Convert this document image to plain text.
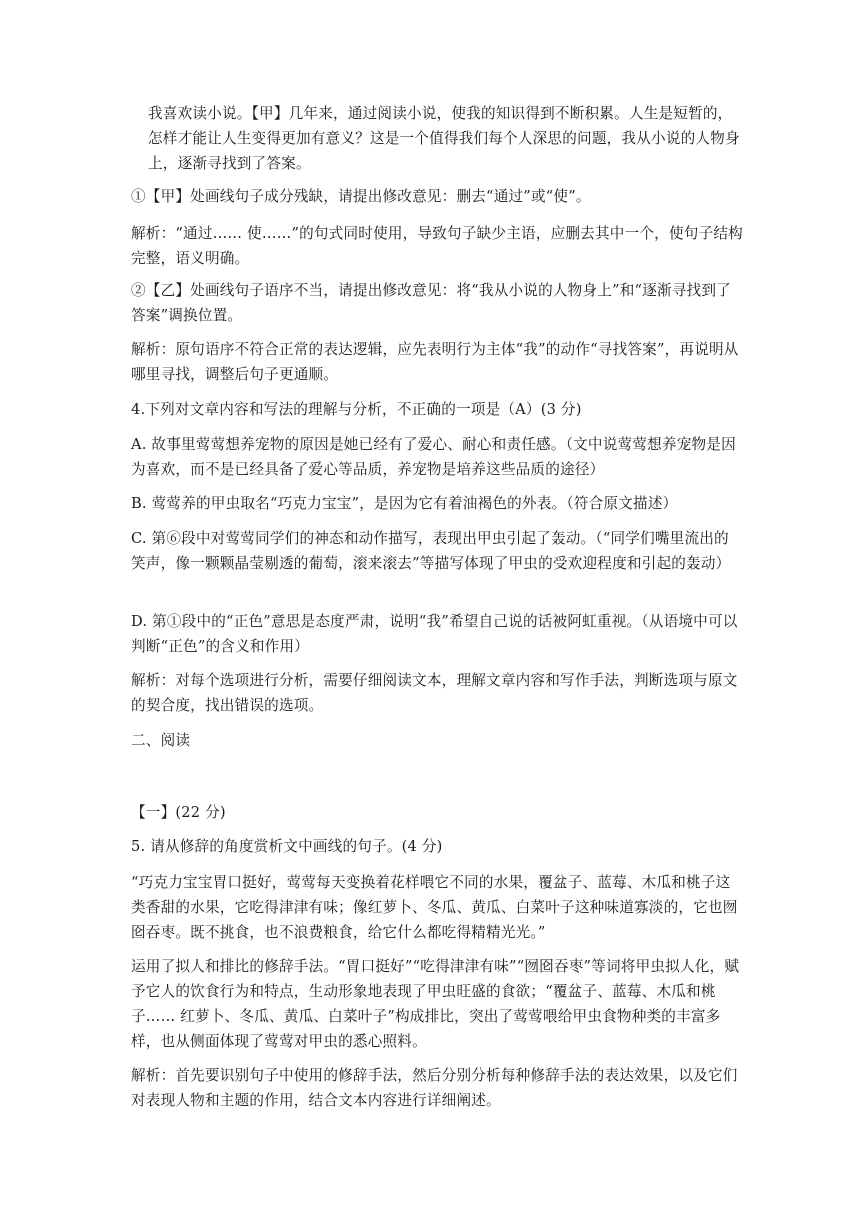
我喜欢读小说。【甲】几年来，通过阅读小说，使我的知识得到不断积累。人生是短暂的，怎样才能让人生变得更加有意义？这是一个值得我们每个人深思的问题，我从小说的人物身上，逐渐寻找到了答案。

①【甲】处画线句子成分残缺，请提出修改意见：删去“通过”或“使”。

解析：“通过…… 使……”的句式同时使用，导致句子缺少主语，应删去其中一个，使句子结构完整，语义明确。

②【乙】处画线句子语序不当，请提出修改意见：将“我从小说的人物身上”和“逐渐寻找到了答案”调换位置。

解析：原句语序不符合正常的表达逻辑，应先表明行为主体“我”的动作“寻找答案”，再说明从哪里寻找，调整后句子更通顺。

4.下列对文章内容和写法的理解与分析，不正确的一项是（A）(3 分)

A. 故事里莺莺想养宠物的原因是她已经有了爱心、耐心和责任感。（文中说莺莺想养宠物是因为喜欢，而不是已经具备了爱心等品质，养宠物是培养这些品质的途径）

B. 莺莺养的甲虫取名“巧克力宝宝”，是因为它有着油褐色的外表。（符合原文描述）

C. 第⑥段中对莺莺同学们的神态和动作描写，表现出甲虫引起了轰动。（“同学们嘴里流出的笑声，像一颗颗晶莹剔透的葡萄，滚来滚去”等描写体现了甲虫的受欢迎程度和引起的轰动）

D. 第①段中的“正色”意思是态度严肃，说明“我”希望自己说的话被阿虹重视。（从语境中可以判断“正色”的含义和作用）

解析：对每个选项进行分析，需要仔细阅读文本，理解文章内容和写作手法，判断选项与原文的契合度，找出错误的选项。

二、阅读

【一】(22 分)

5. 请从修辞的角度赏析文中画线的句子。(4 分)

“巧克力宝宝胃口挺好，莺莺每天变换着花样喂它不同的水果，覆盆子、蓝莓、木瓜和桃子这类香甜的水果，它吃得津津有味；像红萝卜、冬瓜、黄瓜、白菜叶子这种味道寡淡的，它也囫囵吞枣。既不挑食，也不浪费粮食，给它什么都吃得精精光光。”

运用了拟人和排比的修辞手法。“胃口挺好”“吃得津津有味”“囫囵吞枣”等词将甲虫拟人化，赋予它人的饮食行为和特点，生动形象地表现了甲虫旺盛的食欲；“覆盆子、蓝莓、木瓜和桃子…… 红萝卜、冬瓜、黄瓜、白菜叶子”构成排比，突出了莺莺喂给甲虫食物种类的丰富多样，也从侧面体现了莺莺对甲虫的悉心照料。

解析：首先要识别句子中使用的修辞手法，然后分别分析每种修辞手法的表达效果，以及它们对表现人物和主题的作用，结合文本内容进行详细阐述。
